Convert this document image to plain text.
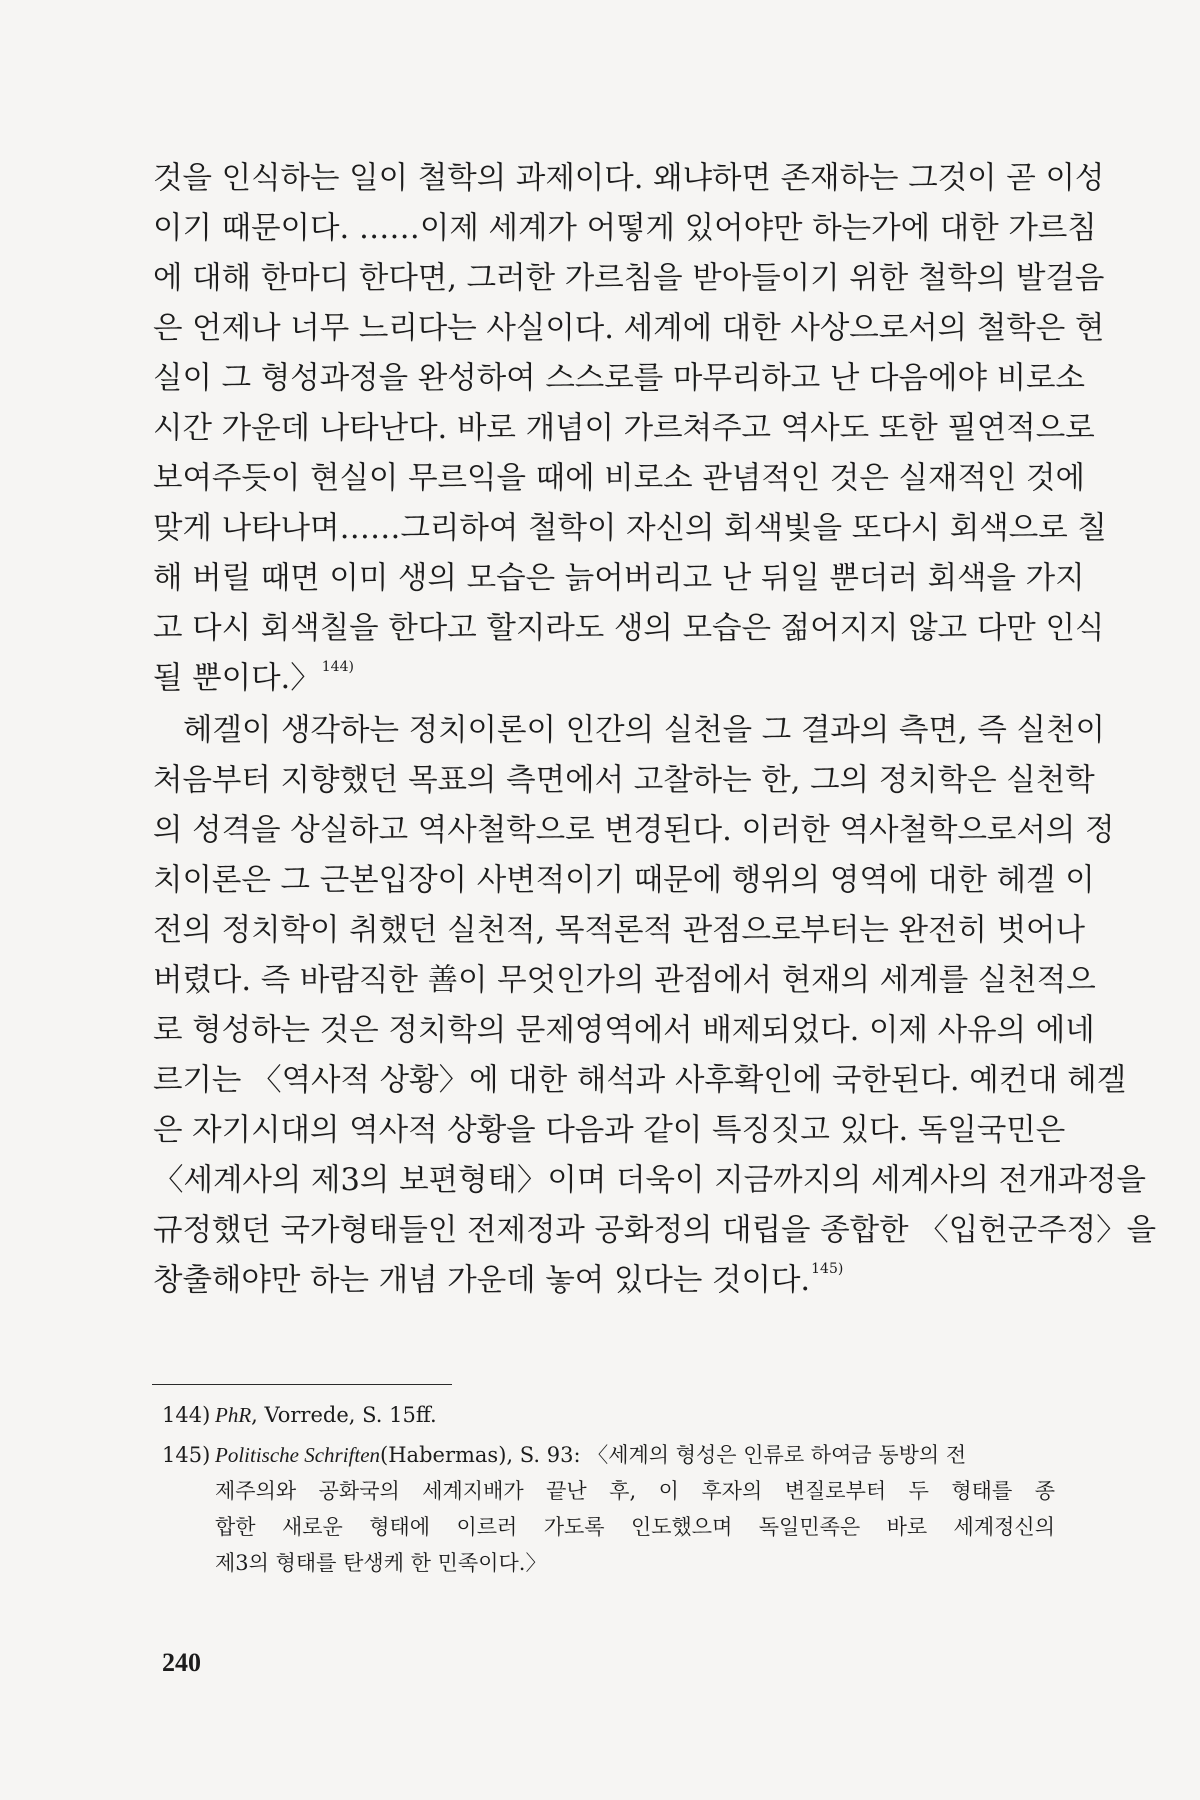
것을 인식하는 일이 철학의 과제이다. 왜냐하면 존재하는 그것이 곧 이성
이기 때문이다. ……이제 세계가 어떻게 있어야만 하는가에 대한 가르침
에 대해 한마디 한다면, 그러한 가르침을 받아들이기 위한 철학의 발걸음
은 언제나 너무 느리다는 사실이다. 세계에 대한 사상으로서의 철학은 현
실이 그 형성과정을 완성하여 스스로를 마무리하고 난 다음에야 비로소
시간 가운데 나타난다. 바로 개념이 가르쳐주고 역사도 또한 필연적으로
보여주듯이 현실이 무르익을 때에 비로소 관념적인 것은 실재적인 것에
맞게 나타나며……그리하여 철학이 자신의 회색빛을 또다시 회색으로 칠
해 버릴 때면 이미 생의 모습은 늙어버리고 난 뒤일 뿐더러 회색을 가지
고 다시 회색칠을 한다고 할지라도 생의 모습은 젊어지지 않고 다만 인식
될 뿐이다.〉$^{144)}$
헤겔이 생각하는 정치이론이 인간의 실천을 그 결과의 측면, 즉 실천이
처음부터 지향했던 목표의 측면에서 고찰하는 한, 그의 정치학은 실천학
의 성격을 상실하고 역사철학으로 변경된다. 이러한 역사철학으로서의 정
치이론은 그 근본입장이 사변적이기 때문에 행위의 영역에 대한 헤겔 이
전의 정치학이 취했던 실천적, 목적론적 관점으로부터는 완전히 벗어나
버렸다. 즉 바람직한 善이 무엇인가의 관점에서 현재의 세계를 실천적으
로 형성하는 것은 정치학의 문제영역에서 배제되었다. 이제 사유의 에네
르기는 〈역사적 상황〉에 대한 해석과 사후확인에 국한된다. 예컨대 헤겔
은 자기시대의 역사적 상황을 다음과 같이 특징짓고 있다. 독일국민은
〈세계사의 제3의 보편형태〉이며 더욱이 지금까지의 세계사의 전개과정을
규정했던 국가형태들인 전제정과 공화정의 대립을 종합한 〈입헌군주정〉을
창출해야만 하는 개념 가운데 놓여 있다는 것이다.$^{145)}$
144) PhR, Vorrede, S. 15ff.
145) Politische Schriften(Habermas), S. 93: 〈세계의 형성은 인류로 하여금 동방의 전
제주의와 공화국의 세계지배가 끝난 후, 이 후자의 변질로부터 두 형태를 종
합한 새로운 형태에 이르러 가도록 인도했으며 독일민족은 바로 세계정신의
제3의 형태를 탄생케 한 민족이다.〉
240
